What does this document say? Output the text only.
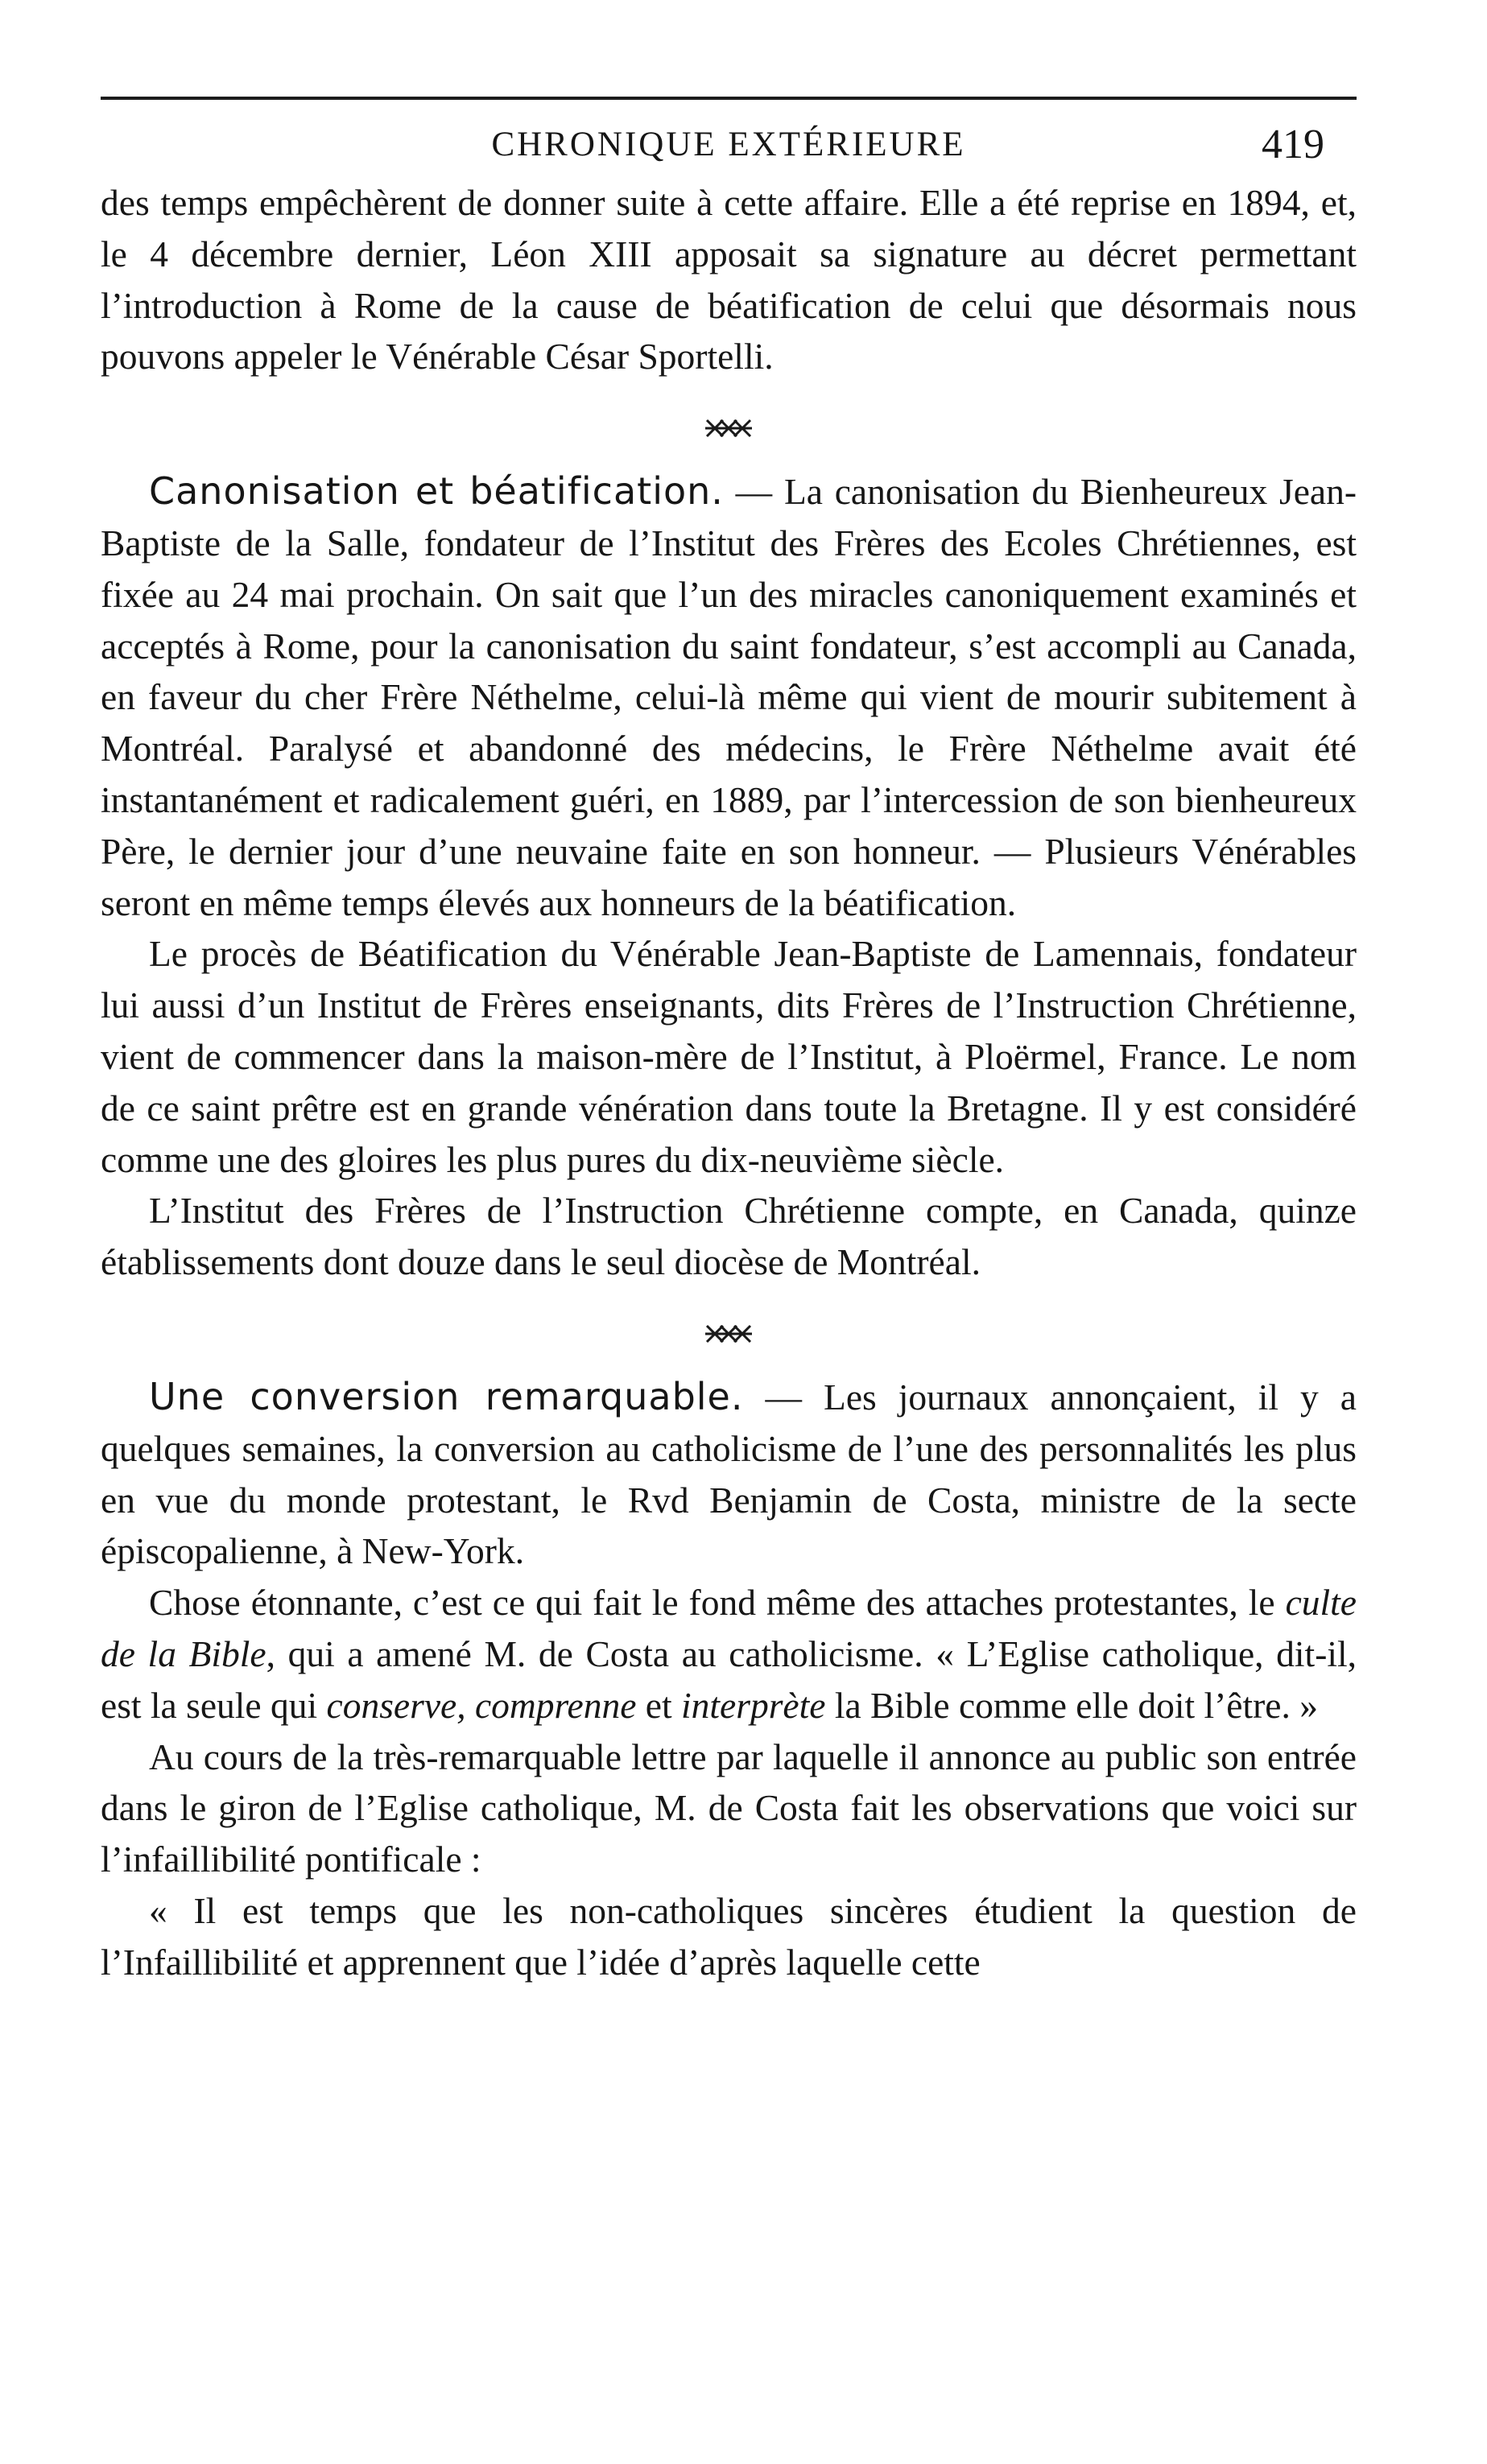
CHRONIQUE EXTÉRIEURE	419

des temps empêchèrent de donner suite à cette affaire. Elle a été reprise en 1894, et, le 4 décembre dernier, Léon XIII apposait sa signature au décret permettant l’introduction à Rome de la cause de béatification de celui que désormais nous pouvons appeler le Vénérable César Sportelli.

Canonisation et béatification. — La canonisation du Bienheureux Jean-Baptiste de la Salle, fondateur de l’Institut des Frères des Ecoles Chrétiennes, est fixée au 24 mai prochain. On sait que l’un des miracles canoniquement examinés et acceptés à Rome, pour la canonisation du saint fondateur, s’est accompli au Canada, en faveur du cher Frère Néthelme, celui-là même qui vient de mourir subitement à Montréal. Paralysé et abandonné des médecins, le Frère Néthelme avait été instantanément et radicalement guéri, en 1889, par l’intercession de son bienheureux Père, le dernier jour d’une neuvaine faite en son honneur. — Plusieurs Vénérables seront en même temps élevés aux honneurs de la béatification.

Le procès de Béatification du Vénérable Jean-Baptiste de Lamennais, fondateur lui aussi d’un Institut de Frères enseignants, dits Frères de l’Instruction Chrétienne, vient de commencer dans la maison-mère de l’Institut, à Ploërmel, France. Le nom de ce saint prêtre est en grande vénération dans toute la Bretagne. Il y est considéré comme une des gloires les plus pures du dix-neuvième siècle.

L’Institut des Frères de l’Instruction Chrétienne compte, en Canada, quinze établissements dont douze dans le seul diocèse de Montréal.

Une conversion remarquable. — Les journaux annonçaient, il y a quelques semaines, la conversion au catholicisme de l’une des personnalités les plus en vue du monde protestant, le Rvd Benjamin de Costa, ministre de la secte épiscopalienne, à New-York.

Chose étonnante, c’est ce qui fait le fond même des attaches protestantes, le culte de la Bible, qui a amené M. de Costa au catholicisme. « L’Eglise catholique, dit-il, est la seule qui conserve, comprenne et interprète la Bible comme elle doit l’être. »

Au cours de la très-remarquable lettre par laquelle il annonce au public son entrée dans le giron de l’Eglise catholique, M. de Costa fait les observations que voici sur l’infaillibilité pontificale :

« Il est temps que les non-catholiques sincères étudient la question de l’Infaillibilité et apprennent que l’idée d’après laquelle cette
